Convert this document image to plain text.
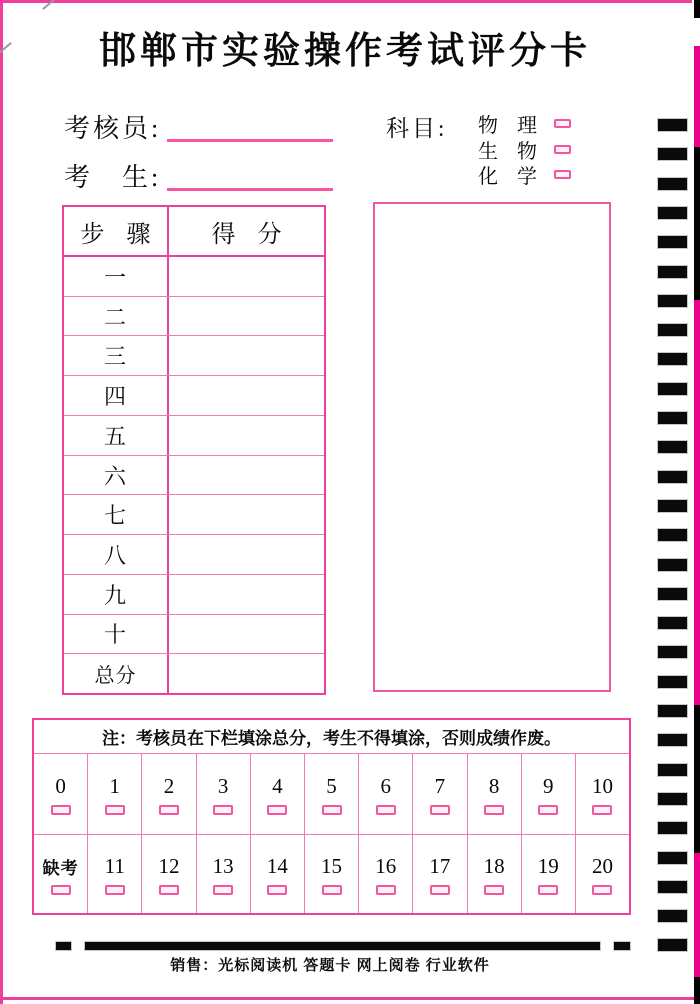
邯郸市实验操作考试评分卡
考核员:
考　生:
科目: 物 理
生 物
化 学
步 骤	得 分
一
二
三
四
五
六
七
八
九
十
总分
注：考核员在下栏填涂总分，考生不得填涂，否则成绩作废。
0 1 2 3 4 5 6 7 8 9 10
缺考 11 12 13 14 15 16 17 18 19 20
销售：光标阅读机 答题卡 网上阅卷 行业软件
